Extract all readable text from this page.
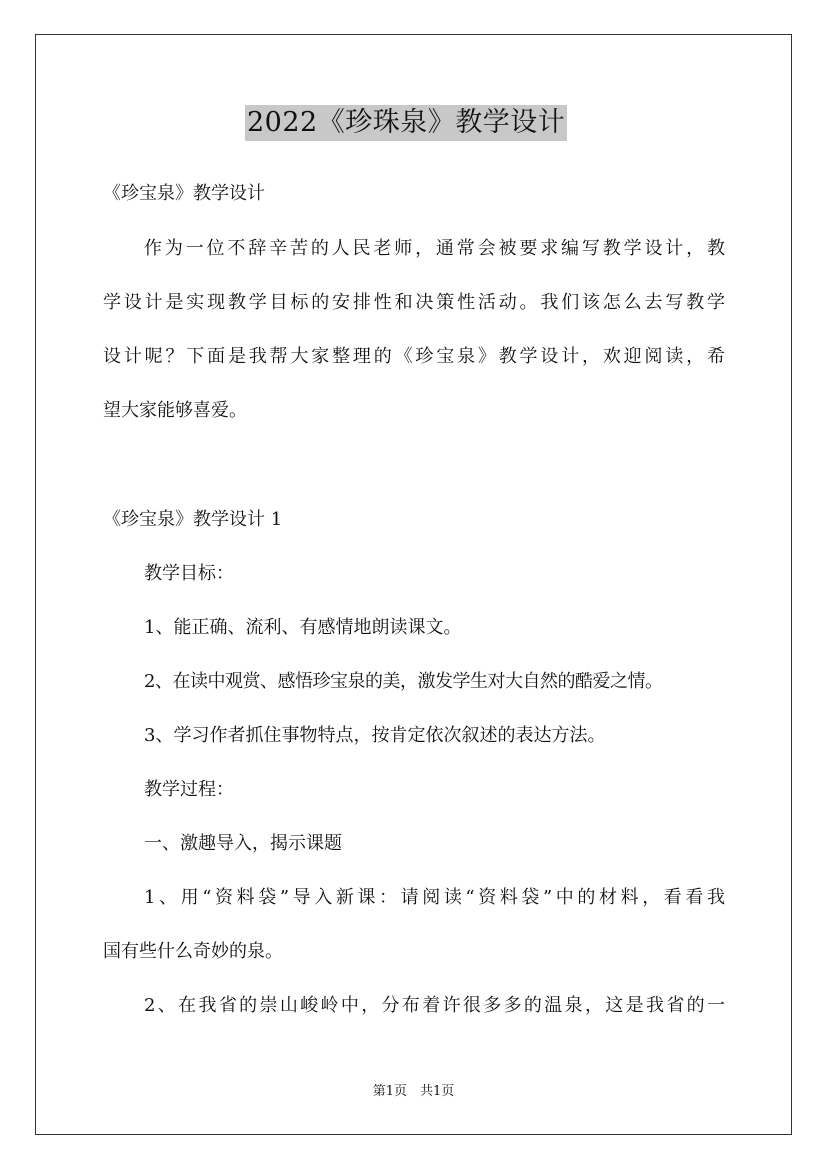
2022《珍珠泉》教学设计

《珍宝泉》教学设计

作为一位不辞辛苦的人民老师，通常会被要求编写教学设计，教

学设计是实现教学目标的安排性和决策性活动。我们该怎么去写教学

设计呢？下面是我帮大家整理的《珍宝泉》教学设计，欢迎阅读，希

望大家能够喜爱。

《珍宝泉》教学设计 1

教学目标：

1、能正确、流利、有感情地朗读课文。

2、在读中观赏、感悟珍宝泉的美，激发学生对大自然的酷爱之情。

3、学习作者抓住事物特点，按肯定依次叙述的表达方法。

教学过程：

一、激趣导入，揭示课题

1、用“资料袋”导入新课：请阅读“资料袋”中的材料，看看我

国有些什么奇妙的泉。

2、在我省的崇山峻岭中，分布着许很多多的温泉，这是我省的一

第1页　共1页
